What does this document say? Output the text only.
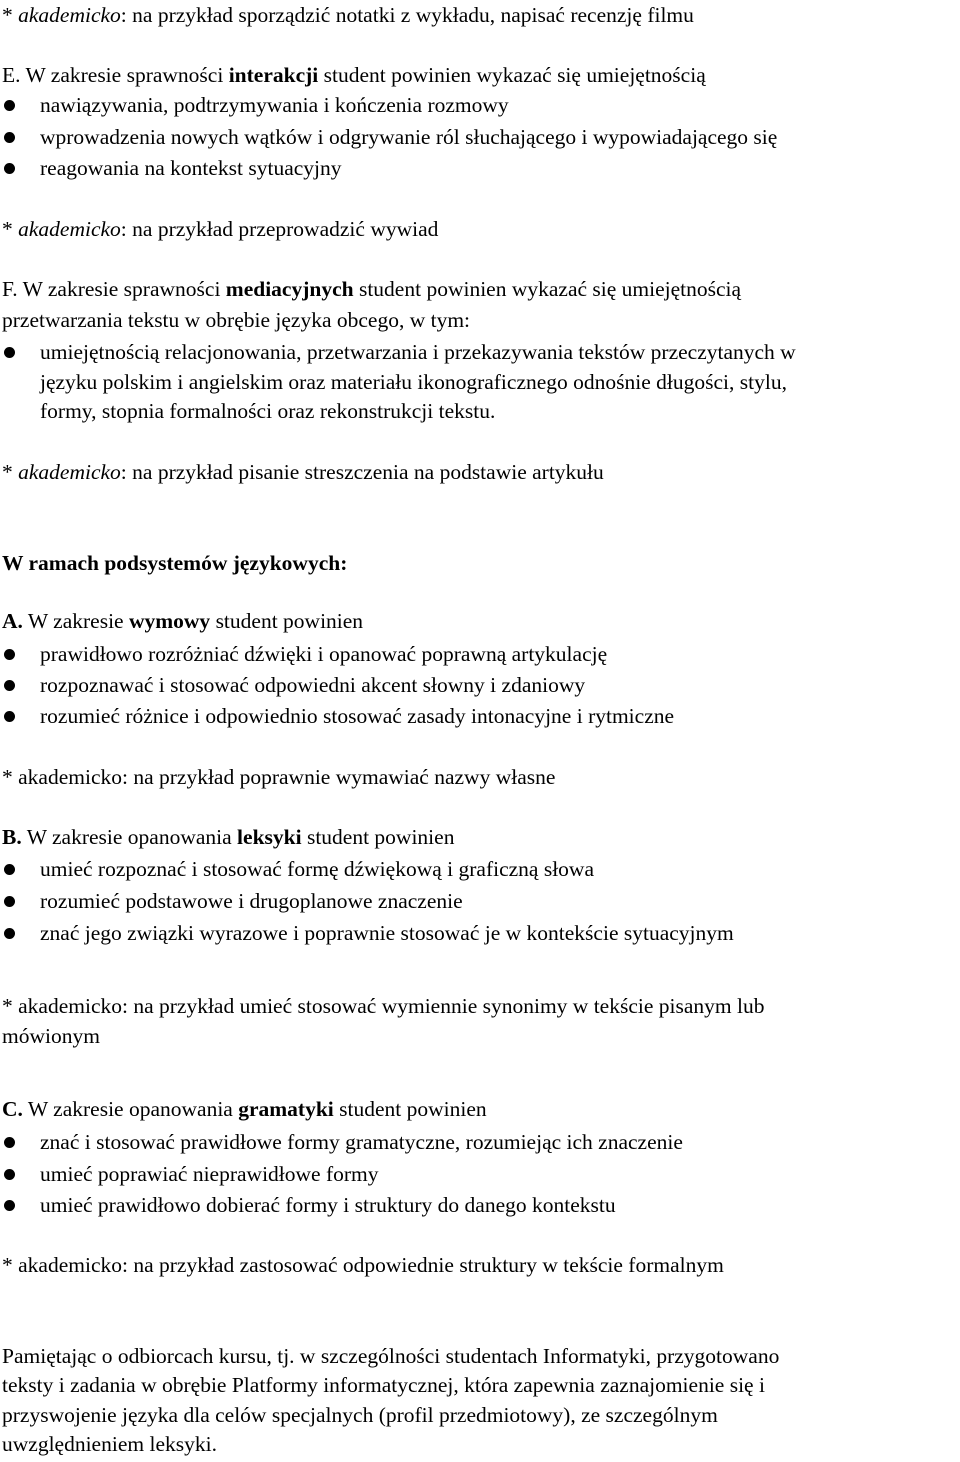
* akademicko: na przykład sporządzić notatki z wykładu, napisać recenzję filmu
E. W zakresie sprawności interakcji student powinien wykazać się umiejętnością
nawiązywania, podtrzymywania i kończenia rozmowy
wprowadzenia nowych wątków i odgrywanie ról słuchającego i wypowiadającego się
reagowania na kontekst sytuacyjny
* akademicko: na przykład przeprowadzić wywiad
F. W zakresie sprawności mediacyjnych student powinien wykazać się umiejętnością
przetwarzania tekstu w obrębie języka obcego, w tym:
umiejętnością relacjonowania, przetwarzania i przekazywania tekstów przeczytanych w
języku polskim i angielskim oraz materiału ikonograficznego odnośnie długości, stylu,
formy, stopnia formalności oraz rekonstrukcji tekstu.
* akademicko: na przykład pisanie streszczenia na podstawie artykułu
W ramach podsystemów językowych:
A. W zakresie wymowy student powinien
prawidłowo rozróżniać dźwięki i opanować poprawną artykulację
rozpoznawać i stosować odpowiedni akcent słowny i zdaniowy
rozumieć różnice i odpowiednio stosować zasady intonacyjne i rytmiczne
* akademicko: na przykład poprawnie wymawiać nazwy własne
B. W zakresie opanowania leksyki student powinien
umieć rozpoznać i stosować formę dźwiękową i graficzną słowa
rozumieć podstawowe i drugoplanowe znaczenie
znać jego związki wyrazowe i poprawnie stosować je w kontekście sytuacyjnym
* akademicko: na przykład umieć stosować wymiennie synonimy w tekście pisanym lub
mówionym
C. W zakresie opanowania gramatyki student powinien
znać i stosować prawidłowe formy gramatyczne, rozumiejąc ich znaczenie
umieć poprawiać nieprawidłowe formy
umieć prawidłowo dobierać formy i struktury do danego kontekstu
* akademicko: na przykład zastosować odpowiednie struktury w tekście formalnym
Pamiętając o odbiorcach kursu, tj. w szczególności studentach Informatyki, przygotowano
teksty i zadania w obrębie Platformy informatycznej, która zapewnia zaznajomienie się i
przyswojenie języka dla celów specjalnych (profil przedmiotowy), ze szczególnym
uwzględnieniem leksyki.
